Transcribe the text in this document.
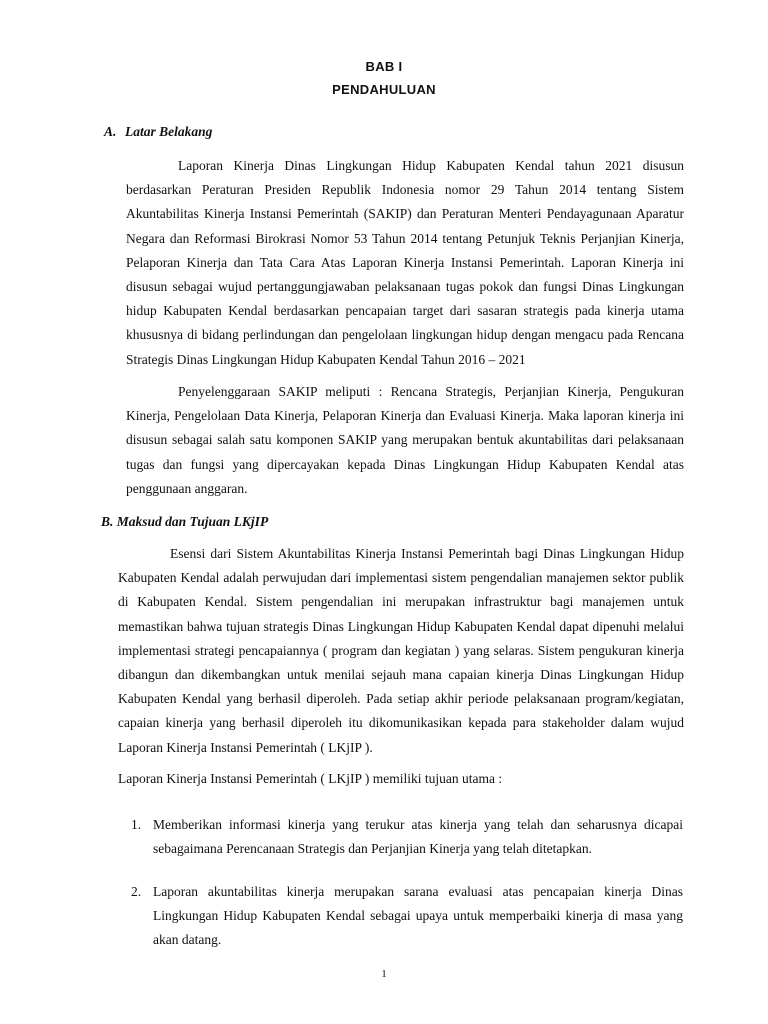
BAB I
PENDAHULUAN
A. Latar Belakang

Laporan Kinerja Dinas Lingkungan Hidup Kabupaten Kendal tahun 2021 disusun berdasarkan Peraturan Presiden Republik Indonesia nomor 29 Tahun 2014 tentang Sistem Akuntabilitas Kinerja Instansi Pemerintah (SAKIP) dan Peraturan Menteri Pendayagunaan Aparatur Negara dan Reformasi Birokrasi Nomor 53 Tahun 2014 tentang Petunjuk Teknis Perjanjian Kinerja, Pelaporan Kinerja dan Tata Cara Atas Laporan Kinerja Instansi Pemerintah. Laporan Kinerja ini disusun sebagai wujud pertanggungjawaban pelaksanaan tugas pokok dan fungsi Dinas Lingkungan hidup Kabupaten Kendal berdasarkan pencapaian target dari sasaran strategis pada kinerja utama khususnya di bidang perlindungan dan pengelolaan lingkungan hidup dengan mengacu pada Rencana Strategis Dinas Lingkungan Hidup Kabupaten Kendal Tahun 2016 – 2021

Penyelenggaraan SAKIP meliputi : Rencana Strategis, Perjanjian Kinerja, Pengukuran Kinerja, Pengelolaan Data Kinerja, Pelaporan Kinerja dan Evaluasi Kinerja. Maka laporan kinerja ini disusun sebagai salah satu komponen SAKIP yang merupakan bentuk akuntabilitas dari pelaksanaan tugas dan fungsi yang dipercayakan kepada Dinas Lingkungan Hidup Kabupaten Kendal atas penggunaan anggaran.

B. Maksud dan Tujuan LKjIP

Esensi dari Sistem Akuntabilitas Kinerja Instansi Pemerintah bagi Dinas Lingkungan Hidup Kabupaten Kendal adalah perwujudan dari implementasi sistem pengendalian manajemen sektor publik di Kabupaten Kendal. Sistem pengendalian ini merupakan infrastruktur bagi manajemen untuk memastikan bahwa tujuan strategis Dinas Lingkungan Hidup Kabupaten Kendal dapat dipenuhi melalui implementasi strategi pencapaiannya ( program dan kegiatan ) yang selaras. Sistem pengukuran kinerja dibangun dan dikembangkan untuk menilai sejauh mana capaian kinerja Dinas Lingkungan Hidup Kabupaten Kendal yang berhasil diperoleh. Pada setiap akhir periode pelaksanaan program/kegiatan, capaian kinerja yang berhasil diperoleh itu dikomunikasikan kepada para stakeholder dalam wujud Laporan Kinerja Instansi Pemerintah ( LKjIP ).

Laporan Kinerja Instansi Pemerintah ( LKjIP ) memiliki tujuan utama :

1. Memberikan informasi kinerja yang terukur atas kinerja yang telah dan seharusnya dicapai sebagaimana Perencanaan Strategis dan Perjanjian Kinerja yang telah ditetapkan.

2. Laporan akuntabilitas kinerja merupakan sarana evaluasi atas pencapaian kinerja Dinas Lingkungan Hidup Kabupaten Kendal sebagai upaya untuk memperbaiki kinerja di masa yang akan datang.

1
